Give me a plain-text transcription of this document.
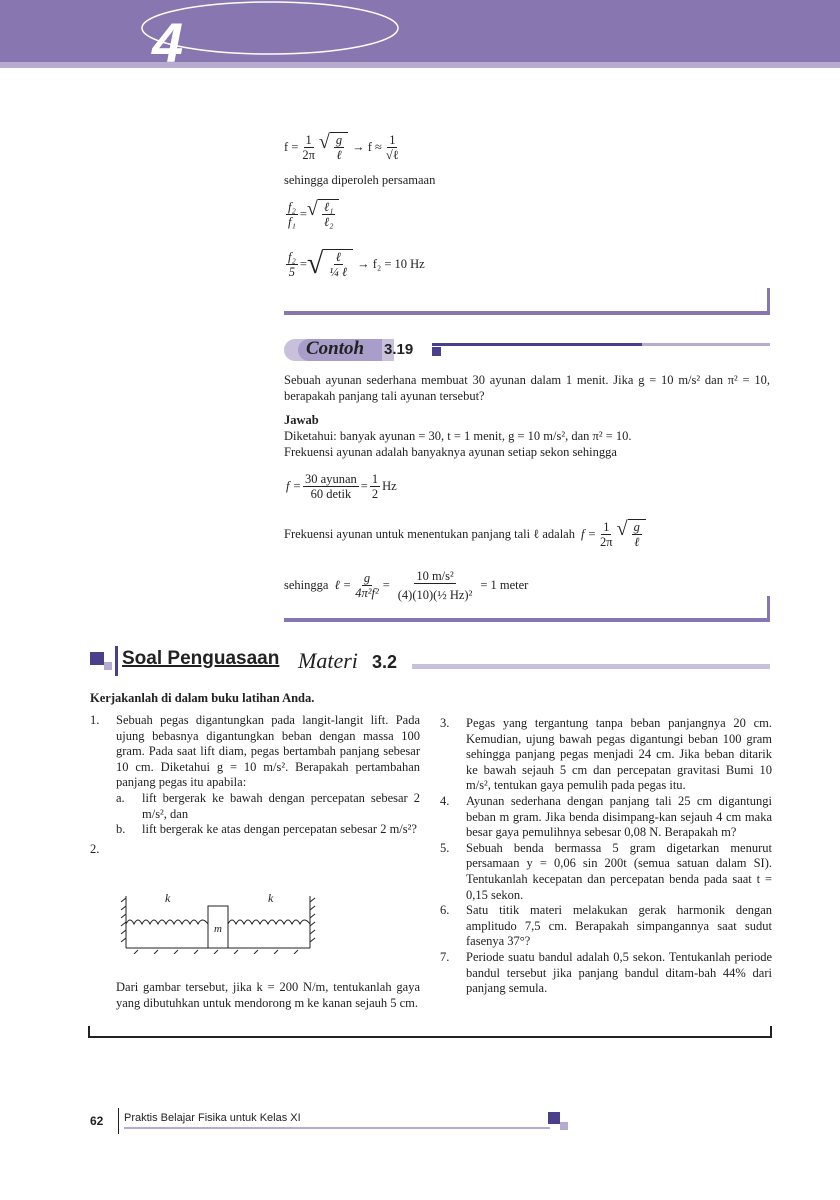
4
$f = \frac{1}{2\pi}$ √ $\frac{g}{\text{ℓ}} \to f \approx \frac{1}{\text{√ℓ}}$
sehingga diperoleh persamaan
$\frac{\text{f₂}}{\text{f₁}}$ = √ $\frac{\text{ℓ₁}}{\text{ℓ₂}}$
$\frac{\text{f₂}}{5}$ = √ $\frac{\text{ℓ}}{\text{¼ ℓ}} \to f_2 = 10$ Hz
Contoh 3.19
Sebuah ayunan sederhana membuat 30 ayunan dalam 1 menit. Jika g = 10 m/s² dan π² = 10, berapakah panjang tali ayunan tersebut?
Jawab
Diketahui: banyak ayunan = 30, t = 1 menit, g = 10 m/s², dan π² = 10.
Frekuensi ayunan adalah banyaknya ayunan setiap sekon sehingga
$f = \frac{\text{30 ayunan}}{\text{60 detik}} = \frac{1}{2}$ Hz
Frekuensi ayunan untuk menentukan panjang tali ℓ adalah $f = \frac{1}{2\pi}$ √ $\frac{g}{\text{ℓ}}$
sehingga ℓ = $\frac{g}{\text{4π²f²}} = \frac{\text{10 m/s²}}{\text{(4)(10)(½ Hz)²}} = 1$ meter
Soal Penguasaan Materi 3.2
Kerjakanlah di dalam buku latihan Anda.
1. Sebuah pegas digantungkan pada langit-langit lift. Pada ujung bebasnya digantungkan beban dengan massa 100 gram. Pada saat lift diam, pegas bertambah panjang sebesar 10 cm. Diketahui g = 10 m/s². Berapakah pertambahan panjang pegas itu apabila:
a. lift bergerak ke bawah dengan percepatan sebesar 2 m/s², dan
b. lift bergerak ke atas dengan percepatan sebesar 2 m/s²?
2.
k	k
m
Dari gambar tersebut, jika k = 200 N/m, tentukanlah gaya yang dibutuhkan untuk mendorong m ke kanan sejauh 5 cm.
3. Pegas yang tergantung tanpa beban panjangnya 20 cm. Kemudian, ujung bawah pegas digantungi beban 100 gram sehingga panjang pegas menjadi 24 cm. Jika beban ditarik ke bawah sejauh 5 cm dan percepatan gravitasi Bumi 10 m/s², tentukan gaya pemulih pada pegas itu.
4. Ayunan sederhana dengan panjang tali 25 cm digantungi beban m gram. Jika benda disimpang-kan sejauh 4 cm maka besar gaya pemulihnya sebesar 0,08 N. Berapakah m?
5. Sebuah benda bermassa 5 gram digetarkan menurut persamaan y = 0,06 sin 200t (semua satuan dalam SI). Tentukanlah kecepatan dan percepatan benda pada saat t = 0,15 sekon.
6. Satu titik materi melakukan gerak harmonik dengan amplitudo 7,5 cm. Berapakah simpangannya saat sudut fasenya 37°?
7. Periode suatu bandul adalah 0,5 sekon. Tentukanlah periode bandul tersebut jika panjang bandul ditam-bah 44% dari panjang semula.
62 Praktis Belajar Fisika untuk Kelas XI
